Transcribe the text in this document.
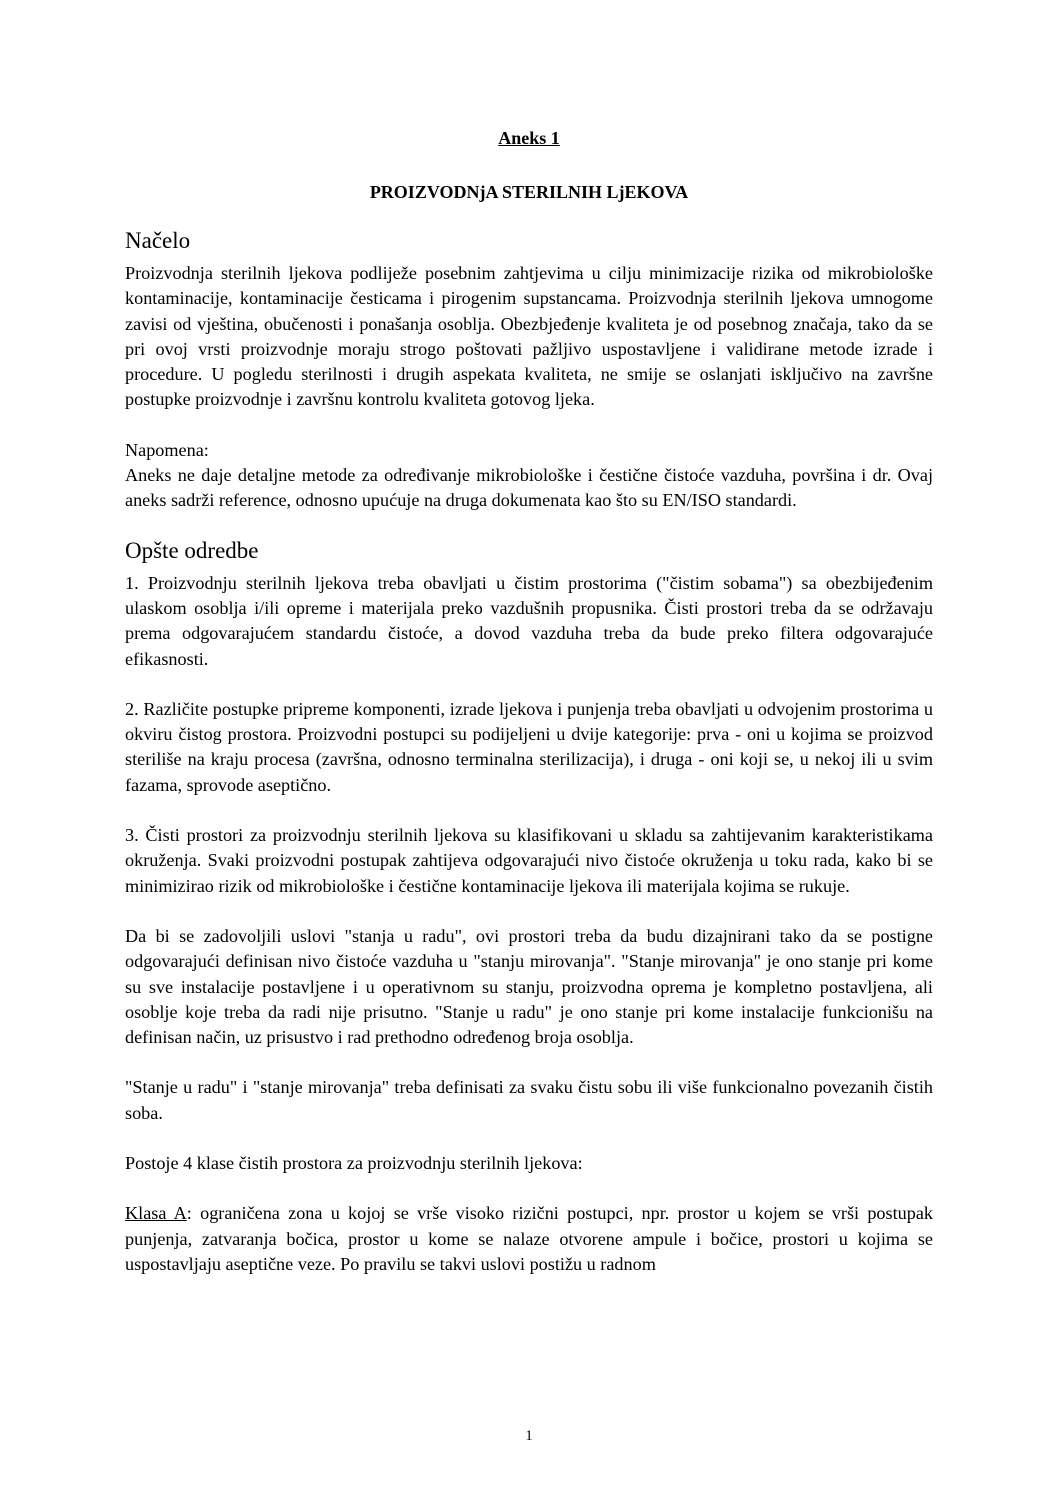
Aneks 1
PROIZVODNjA STERILNIH LjEKOVA
Načelo

Proizvodnja sterilnih ljekova podliježe posebnim zahtjevima u cilju minimizacije rizika od mikrobiološke kontaminacije, kontaminacije česticama i pirogenim supstancama. Proizvodnja sterilnih ljekova umnogome zavisi od vještina, obučenosti i ponašanja osoblja. Obezbjeđenje kvaliteta je od posebnog značaja, tako da se pri ovoj vrsti proizvodnje moraju strogo poštovati pažljivo uspostavljene i validirane metode izrade i procedure. U pogledu sterilnosti i drugih aspekata kvaliteta, ne smije se oslanjati isključivo na završne postupke proizvodnje i završnu kontrolu kvaliteta gotovog ljeka.

Napomena:

Aneks ne daje detaljne metode za određivanje mikrobiološke i čestične čistoće vazduha, površina i dr. Ovaj aneks sadrži reference, odnosno upućuje na druga dokumenata kao što su EN/ISO standardi.

Opšte odredbe

1. Proizvodnju sterilnih ljekova treba obavljati u čistim prostorima ("čistim sobama") sa obezbijeđenim ulaskom osoblja i/ili opreme i materijala preko vazdušnih propusnika. Čisti prostori treba da se održavaju prema odgovarajućem standardu čistoće, a dovod vazduha treba da bude preko filtera odgovarajuće efikasnosti.

2. Različite postupke pripreme komponenti, izrade ljekova i punjenja treba obavljati u odvojenim prostorima u okviru čistog prostora. Proizvodni postupci su podijeljeni u dvije kategorije: prva - oni u kojima se proizvod steriliše na kraju procesa (završna, odnosno terminalna sterilizacija), i druga - oni koji se, u nekoj ili u svim fazama, sprovode aseptično.

3. Čisti prostori za proizvodnju sterilnih ljekova su klasifikovani u skladu sa zahtijevanim karakteristikama okruženja. Svaki proizvodni postupak zahtijeva odgovarajući nivo čistoće okruženja u toku rada, kako bi se minimizirao rizik od mikrobiološke i čestične kontaminacije ljekova ili materijala kojima se rukuje.

Da bi se zadovoljili uslovi "stanja u radu", ovi prostori treba da budu dizajnirani tako da se postigne odgovarajući definisan nivo čistoće vazduha u "stanju mirovanja". "Stanje mirovanja" je ono stanje pri kome su sve instalacije postavljene i u operativnom su stanju, proizvodna oprema je kompletno postavljena, ali osoblje koje treba da radi nije prisutno. "Stanje u radu" je ono stanje pri kome instalacije funkcionišu na definisan način, uz prisustvo i rad prethodno određenog broja osoblja.

"Stanje u radu" i "stanje mirovanja" treba definisati za svaku čistu sobu ili više funkcionalno povezanih čistih soba.

Postoje 4 klase čistih prostora za proizvodnju sterilnih ljekova:

Klasa A: ograničena zona u kojoj se vrše visoko rizični postupci, npr. prostor u kojem se vrši postupak punjenja, zatvaranja bočica, prostor u kome se nalaze otvorene ampule i bočice, prostori u kojima se uspostavljaju aseptične veze. Po pravilu se takvi uslovi postižu u radnom

1
